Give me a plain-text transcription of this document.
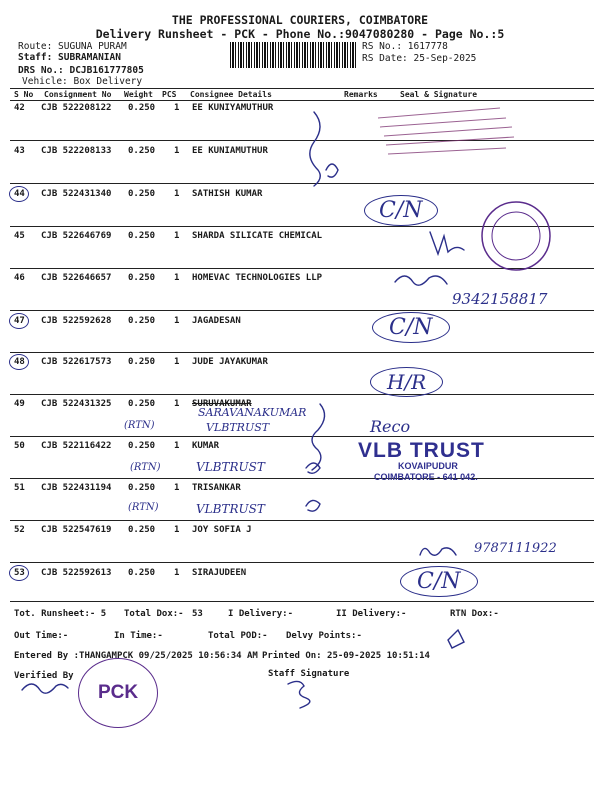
THE PROFESSIONAL COURIERS, COIMBATORE
Delivery Runsheet - PCK - Phone No.:9047080280 - Page No.:5
Route: SUGUNA PURAM
Staff: SUBRAMANIAN
DRS No.: DCJB161777805
Vehicle: Box Delivery
RS No.: 1617778
RS Date: 25-Sep-2025
S No Consignment No Weight PCS Consignee Details	Remarks	Seal & Signature
42 CJB 522208122 0.250 1 EE KUNIYAMUTHUR
43 CJB 522208133 0.250 1 EE KUNIAMUTHUR
44 CJB 522431340 0.250 1 SATHISH KUMAR
45 CJB 522646769 0.250 1 SHARDA SILICATE CHEMICAL
46 CJB 522646657 0.250 1 HOMEVAC TECHNOLOGIES LLP
47 CJB 522592628 0.250 1 JAGADESAN
48 CJB 522617573 0.250 1 JUDE JAYAKUMAR
49 CJB 522431325 0.250 1 SURUVAKUMAR
50 CJB 522116422 0.250 1 KUMAR
51 CJB 522431194 0.250 1 TRISANKAR
52 CJB 522547619 0.250 1 JOY SOFIA J
53 CJB 522592613 0.250 1 SIRAJUDEEN
Tot. Runsheet:- 5 Total Dox:- 53	I Delivery:-	II Delivery:-	RTN Dox:-
Out Time:-	In Time:-	Total POD:- Delvy Points:-
Entered By :THANGAMPCK 09/25/2025 10:56:34 AM Printed On: 25-09-2025 10:51:14
Verified By	Staff Signature
C/N
C/N
H/R
C/N
9342158817
9787111922
(RTN)
(RTN)
(RTN)
SARAVANAKUMAR
VLBTRUST
VLBTRUST
VLBTRUST
Reco
VLB TRUST
KOVAIPUDUR
COIMBATORE - 641 042.
PCK
